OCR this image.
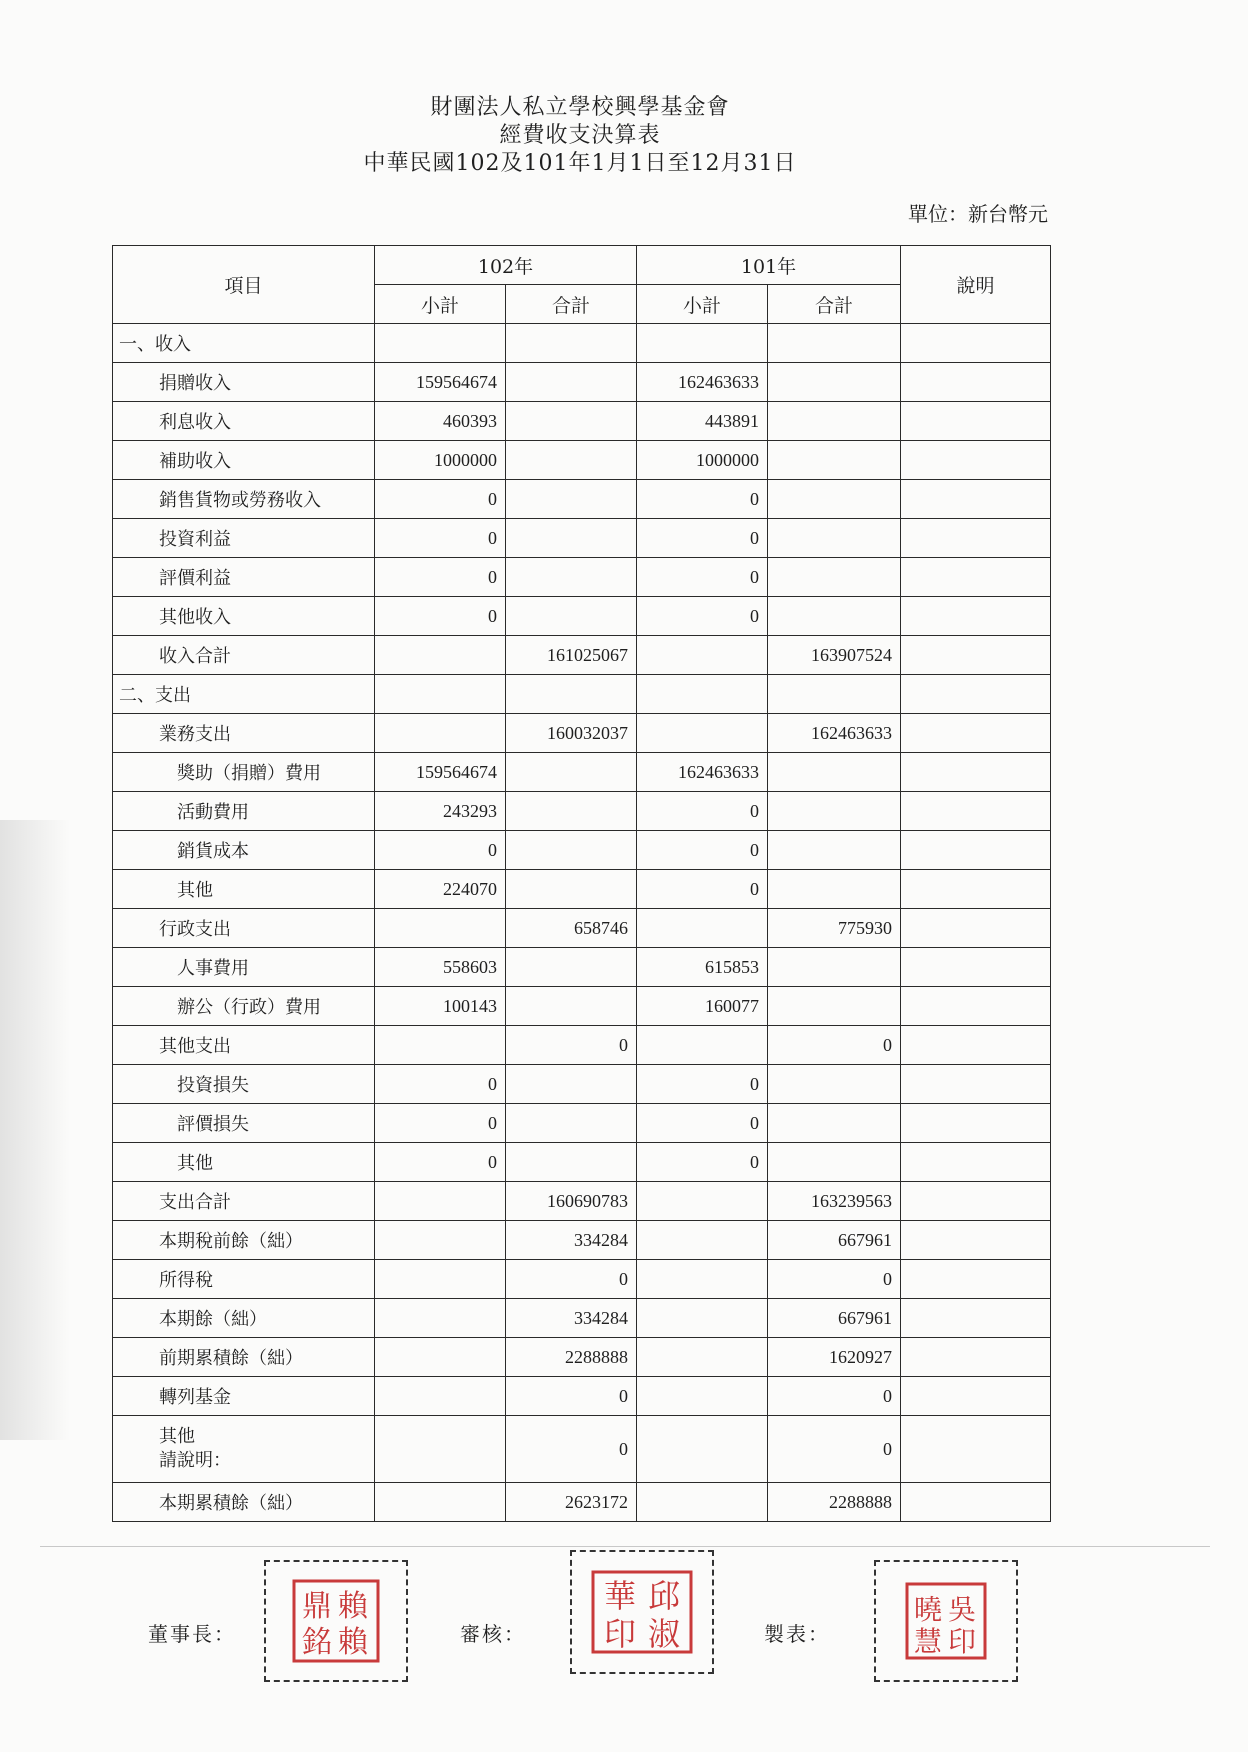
財團法人私立學校興學基金會
經費收支決算表
中華民國102及101年1月1日至12月31日
單位：新台幣元
項目	102年		101年		說明
	小計	合計	小計	合計	
一、收入					
捐贈收入	159564674		162463633		
利息收入	460393		443891		
補助收入	1000000		1000000		
銷售貨物或勞務收入	0		0		
投資利益	0		0		
評價利益	0		0		
其他收入	0		0		
收入合計		161025067		163907524	
二、支出					
業務支出		160032037		162463633	
獎助（捐贈）費用	159564674		162463633		
活動費用	243293		0		
銷貨成本	0		0		
其他	224070		0		
行政支出		658746		775930	
人事費用	558603		615853		
辦公（行政）費用	100143		160077		
其他支出		0		0	
投資損失	0		0		
評價損失	0		0		
其他	0		0		
支出合計		160690783		163239563	
本期稅前餘（絀）		334284		667961	
所得稅		0		0	
本期餘（絀）		334284		667961	
前期累積餘（絀）		2288888		1620927	
轉列基金		0		0	

其他
請說明：		0		0	
本期累積餘（絀）		2623172		2288888	
董事長：
賴
鼎
銘 賴	審核：
邱
淑
華
印	製表：
吳
曉
慧 印
